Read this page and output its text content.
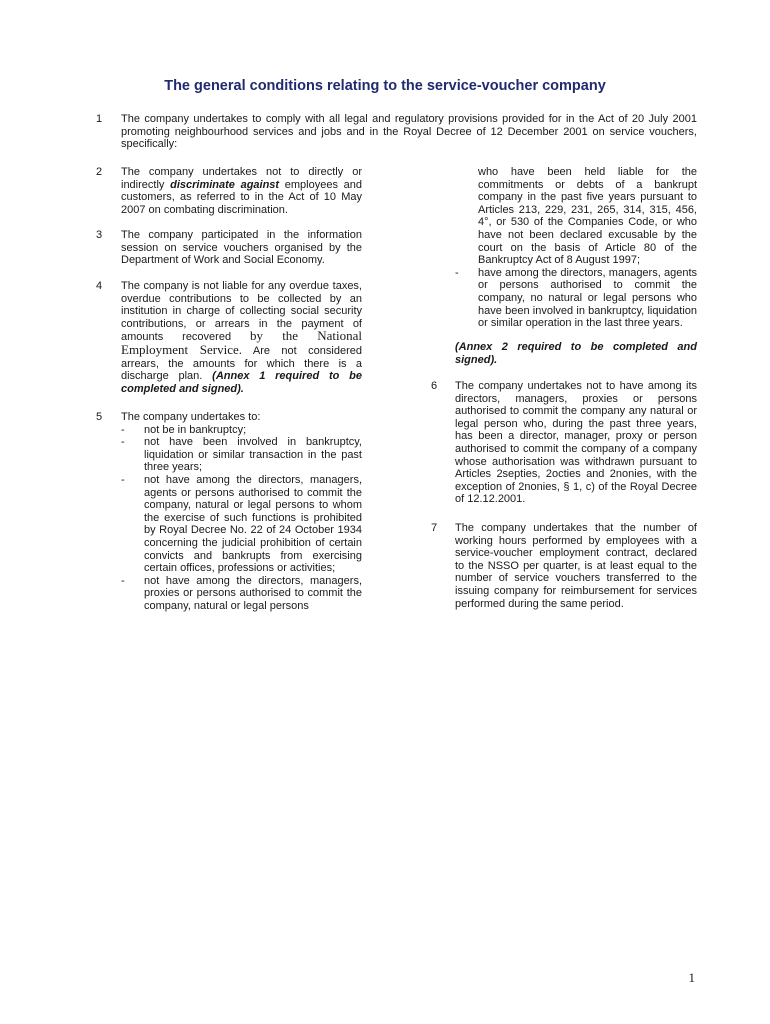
The general conditions relating to the service-voucher company
1 The company undertakes to comply with all legal and regulatory provisions provided for in the Act of 20 July 2001 promoting neighbourhood services and jobs and in the Royal Decree of 12 December 2001 on service vouchers, specifically:

2 The company undertakes not to directly or indirectly discriminate against employees and customers, as referred to in the Act of 10 May 2007 on combating discrimination.

3 The company participated in the information session on service vouchers organised by the Department of Work and Social Economy.

4 The company is not liable for any overdue taxes, overdue contributions to be collected by an institution in charge of collecting social security contributions, or arrears in the payment of amounts recovered by the National Employment Service. Are not considered arrears, the amounts for which there is a discharge plan. (Annex 1 required to be completed and signed).

5 The company undertakes to:
- not be in bankruptcy;
- not have been involved in bankruptcy, liquidation or similar transaction in the past three years;
- not have among the directors, managers, agents or persons authorised to commit the company, natural or legal persons to whom the exercise of such functions is prohibited by Royal Decree No. 22 of 24 October 1934 concerning the judicial prohibition of certain convicts and bankrupts from exercising certain offices, professions or activities;
- not have among the directors, managers, proxies or persons authorised to commit the company, natural or legal persons
who have been held liable for the commitments or debts of a bankrupt company in the past five years pursuant to Articles 213, 229, 231, 265, 314, 315, 456, 4°, or 530 of the Companies Code, or who have not been declared excusable by the court on the basis of Article 80 of the Bankruptcy Act of 8 August 1997;
- have among the directors, managers, agents or persons authorised to commit the company, no natural or legal persons who have been involved in bankruptcy, liquidation or similar operation in the last three years.

(Annex 2 required to be completed and signed).

6 The company undertakes not to have among its directors, managers, proxies or persons authorised to commit the company any natural or legal person who, during the past three years, has been a director, manager, proxy or person authorised to commit the company of a company whose authorisation was withdrawn pursuant to Articles 2septies, 2octies and 2nonies, with the exception of 2nonies, § 1, c) of the Royal Decree of 12.12.2001.

7 The company undertakes that the number of working hours performed by employees with a service-voucher employment contract, declared to the NSSO per quarter, is at least equal to the number of service vouchers transferred to the issuing company for reimbursement for services performed during the same period.

1
